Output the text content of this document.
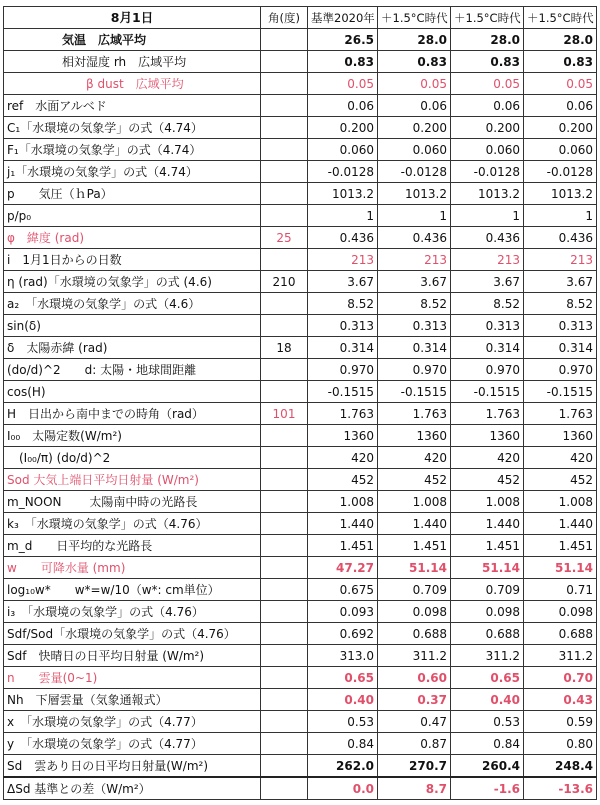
8月1日	角(度)	基準2020年	＋1.5°C時代	＋1.5°C時代	＋1.5°C時代
気温　広域平均		26.5	28.0	28.0	28.0
相対湿度 rh　広域平均		0.83	0.83	0.83	0.83
β dust　広域平均		0.05	0.05	0.05	0.05
ref　水面アルベド		0.06	0.06	0.06	0.06
C₁「水環境の気象学」の式（4.74）		0.200	0.200	0.200	0.200
F₁「水環境の気象学」の式（4.74）		0.060	0.060	0.060	0.060
j₁「水環境の気象学」の式（4.74）		-0.0128	-0.0128	-0.0128	-0.0128
p　　気圧（ｈPa）		1013.2	1013.2	1013.2	1013.2
p/p₀		1	1	1	1
φ　緯度 (rad)	25	0.436	0.436	0.436	0.436
i　1月1日からの日数		213	213	213	213
η (rad)「水環境の気象学」の式 (4.6)	210	3.67	3.67	3.67	3.67
a₂　「水環境の気象学」の式（4.6）		8.52	8.52	8.52	8.52
sin(δ)		0.313	0.313	0.313	0.313
δ　太陽赤緯 (rad)	18	0.314	0.314	0.314	0.314
(do/d)^2　　d: 太陽・地球間距離		0.970	0.970	0.970	0.970
cos(H)		-0.1515	-0.1515	-0.1515	-0.1515
H　日出から南中までの時角（rad）	101	1.763	1.763	1.763	1.763
I₀₀　太陽定数(W/m²)		1360	1360	1360	1360
　(I₀₀/π) (do/d)^2		420	420	420	420
Sod 大気上端日平均日射量 (W/m²)		452	452	452	452
m_NOON　　 太陽南中時の光路長		1.008	1.008	1.008	1.008
k₃　「水環境の気象学」の式（4.76）		1.440	1.440	1.440	1.440
m_d　　日平均的な光路長		1.451	1.451	1.451	1.451
w　　可降水量 (mm)		47.27	51.14	51.14	51.14
log₁₀w*　　w*=w/10（w*: cm単位）		0.675	0.709	0.709	0.71
i₃　「水環境の気象学」の式（4.76）		0.093	0.098	0.098	0.098
Sdf/Sod「水環境の気象学」の式（4.76）		0.692	0.688	0.688	0.688
Sdf　快晴日の日平均日射量 (W/m²)		313.0	311.2	311.2	311.2
n　　雲量(0~1)		0.65	0.60	0.65	0.70
Nh　下層雲量（気象通報式）		0.40	0.37	0.40	0.43
x　「水環境の気象学」の式（4.77）		0.53	0.47	0.53	0.59
y　「水環境の気象学」の式（4.77）		0.84	0.87	0.84	0.80
Sd　雲あり日の日平均日射量(W/m²)		262.0	270.7	260.4	248.4
ΔSd 基準との差（W/m²）		0.0	8.7	-1.6	-13.6
